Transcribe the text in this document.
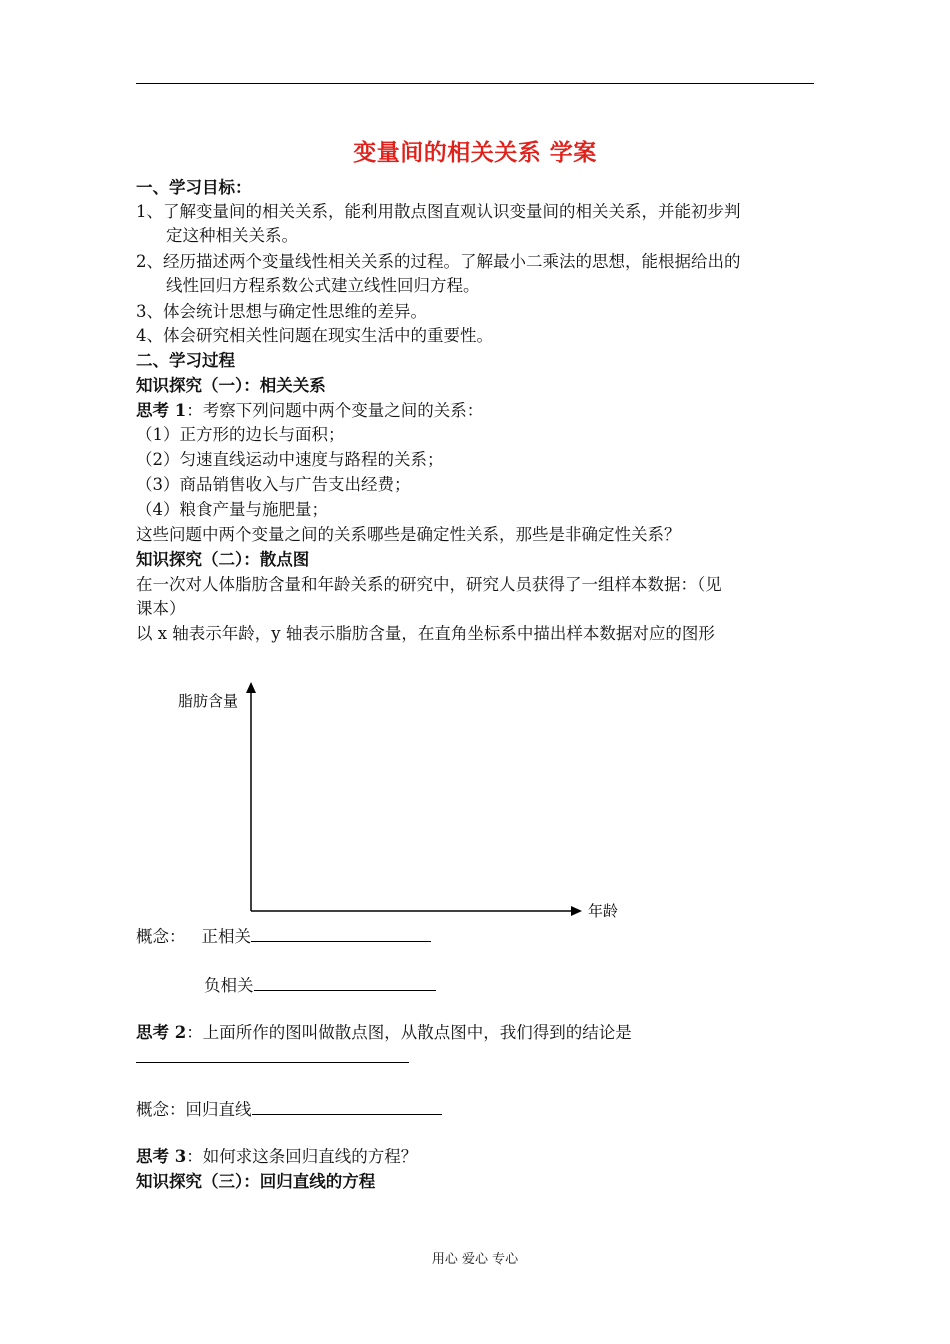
变量间的相关关系 学案
一、学习目标：
1、了解变量间的相关关系，能利用散点图直观认识变量间的相关关系，并能初步判
定这种相关关系。
2、经历描述两个变量线性相关关系的过程。了解最小二乘法的思想，能根据给出的
线性回归方程系数公式建立线性回归方程。
3、体会统计思想与确定性思维的差异。
4、体会研究相关性问题在现实生活中的重要性。
二、学习过程
知识探究（一）：相关关系
思考 1：考察下列问题中两个变量之间的关系：
（1）正方形的边长与面积；
（2）匀速直线运动中速度与路程的关系；
（3）商品销售收入与广告支出经费；
（4）粮食产量与施肥量；
这些问题中两个变量之间的关系哪些是确定性关系，那些是非确定性关系？
知识探究（二）：散点图
在一次对人体脂肪含量和年龄关系的研究中，研究人员获得了一组样本数据：（见
课本）
以 x 轴表示年龄，y 轴表示脂肪含量，在直角坐标系中描出样本数据对应的图形
脂肪含量
年龄
概念： 正相关
负相关
思考 2：上面所作的图叫做散点图，从散点图中，我们得到的结论是
概念：回归直线
思考 3：如何求这条回归直线的方程？
知识探究（三）：回归直线的方程
用心 爱心 专心
